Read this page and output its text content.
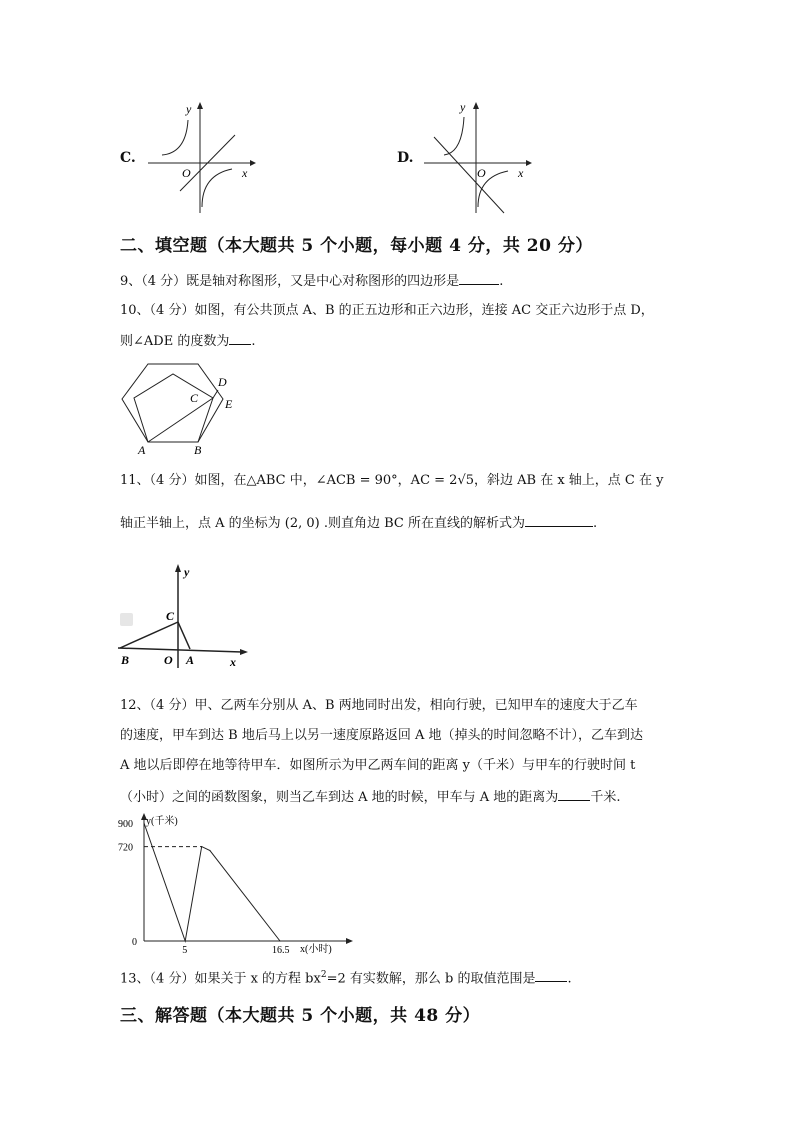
C.
y
x
O
D.
y
x
O
二、填空题（本大题共 5 个小题，每小题 4 分，共 20 分）
9、（4 分）既是轴对称图形，又是中心对称图形的四边形是	.
10、（4 分）如图，有公共顶点 A、B 的正五边形和正六边形，连接 AC 交正六边形于点 D，
则∠ADE 的度数为 .
A	B
C
D
E
11、（4 分）如图，在△ABC 中，∠ACB = 90°，AC = 2√5，斜边 AB 在 x 轴上，点 C 在 y
轴正半轴上，点 A 的坐标为 (2, 0) .则直角边 BC 所在直线的解析式为	.
y
C
B	O A	x
12、（4 分）甲、乙两车分别从 A、B 两地同时出发，相向行驶，已知甲车的速度大于乙车
的速度，甲车到达 B 地后马上以另一速度原路返回 A 地（掉头的时间忽略不计），乙车到达
A 地以后即停在地等待甲车．如图所示为甲乙两车间的距离 y（千米）与甲车的行驶时间 t
（小时）之间的函数图象，则当乙车到达 A 地的时候，甲车与 A 地的距离为 千米.
y(千米)
x(小时)
900
720
0
5	16.5
13、（4 分）如果关于 x 的方程 $bx^2=2$ 有实数解，那么 b 的取值范围是 .
三、解答题（本大题共 5 个小题，共 48 分）
